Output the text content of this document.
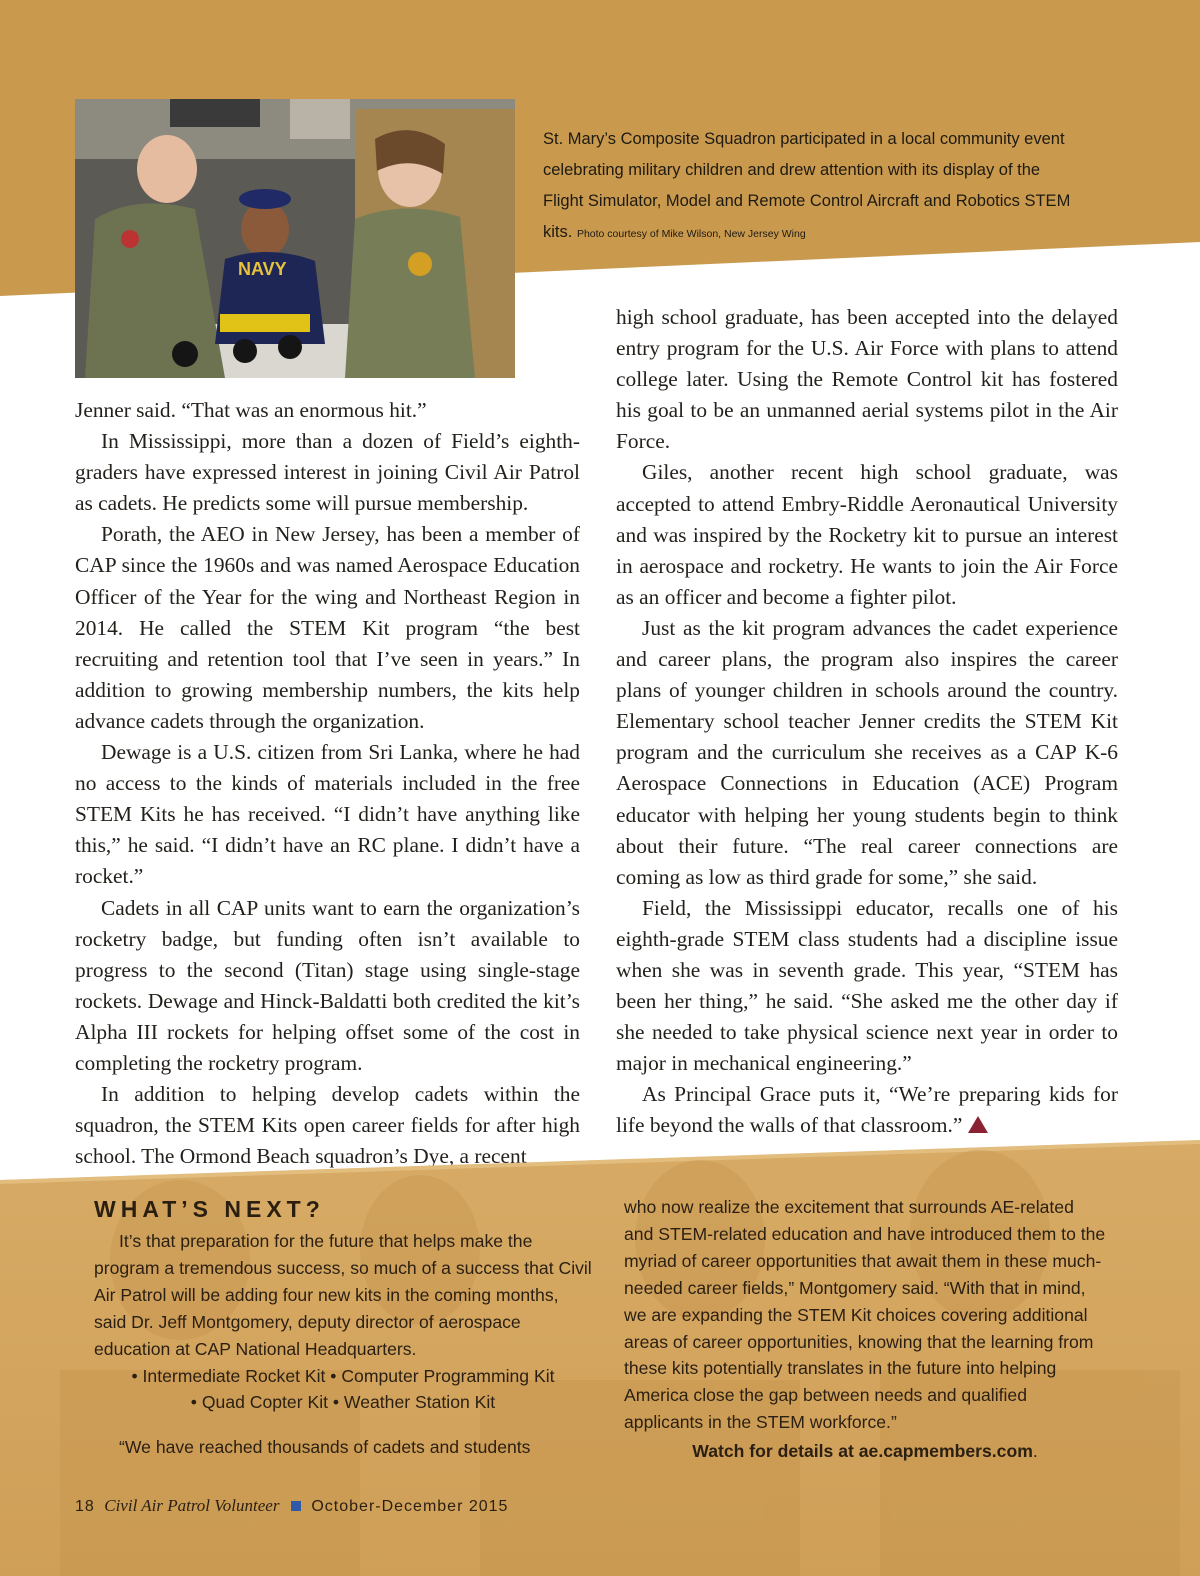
NAVY
St. Mary’s Composite Squadron participated in a local community event celebrating military children and drew attention with its display of the Flight Simulator, Model and Remote Control Aircraft and Robotics STEM kits. Photo courtesy of Mike Wilson, New Jersey Wing

Jenner said. “That was an enormous hit.”

In Mississippi, more than a dozen of Field’s eighth-graders have expressed interest in joining Civil Air Patrol as cadets. He predicts some will pursue membership.

Porath, the AEO in New Jersey, has been a member of CAP since the 1960s and was named Aerospace Education Officer of the Year for the wing and Northeast Region in 2014. He called the STEM Kit program “the best recruiting and retention tool that I’ve seen in years.” In addition to growing membership numbers, the kits help advance cadets through the organization.

Dewage is a U.S. citizen from Sri Lanka, where he had no access to the kinds of materials included in the free STEM Kits he has received. “I didn’t have anything like this,” he said. “I didn’t have an RC plane. I didn’t have a rocket.”

Cadets in all CAP units want to earn the organization’s rocketry badge, but funding often isn’t available to progress to the second (Titan) stage using single-stage rockets. Dewage and Hinck-Baldatti both credited the kit’s Alpha III rockets for helping offset some of the cost in completing the rocketry program.

In addition to helping develop cadets within the squadron, the STEM Kits open career fields for after high school. The Ormond Beach squadron’s Dye, a recent

high school graduate, has been accepted into the delayed entry program for the U.S. Air Force with plans to attend college later. Using the Remote Control kit has fostered his goal to be an unmanned aerial systems pilot in the Air Force.

Giles, another recent high school graduate, was accepted to attend Embry-Riddle Aeronautical University and was inspired by the Rocketry kit to pursue an interest in aerospace and rocketry. He wants to join the Air Force as an officer and become a fighter pilot.

Just as the kit program advances the cadet experience and career plans, the program also inspires the career plans of younger children in schools around the country. Elementary school teacher Jenner credits the STEM Kit program and the curriculum she receives as a CAP K-6 Aerospace Connections in Education (ACE) Program educator with helping her young students begin to think about their future. “The real career connections are coming as low as third grade for some,” she said.

Field, the Mississippi educator, recalls one of his eighth-grade STEM class students had a discipline issue when she was in seventh grade. This year, “STEM has been her thing,” he said. “She asked me the other day if she needed to take physical science next year in order to major in mechanical engineering.”

As Principal Grace puts it, “We’re preparing kids for life beyond the walls of that classroom.”

WHAT’S NEXT?

It’s that preparation for the future that helps make the program a tremendous success, so much of a success that Civil Air Patrol will be adding four new kits in the coming months, said Dr. Jeff Montgomery, deputy director of aerospace education at CAP National Headquarters.

• Intermediate Rocket Kit • Computer Programming Kit

• Quad Copter Kit • Weather Station Kit

“We have reached thousands of cadets and students

who now realize the excitement that surrounds AE-related and STEM-related education and have introduced them to the myriad of career opportunities that await them in these much-needed career fields,” Montgomery said. “With that in mind, we are expanding the STEM Kit choices covering additional areas of career opportunities, knowing that the learning from these kits potentially translates in the future into helping America close the gap between needs and qualified applicants in the STEM workforce.”

Watch for details at ae.capmembers.com.

18 Civil Air Patrol Volunteer October-December 2015
